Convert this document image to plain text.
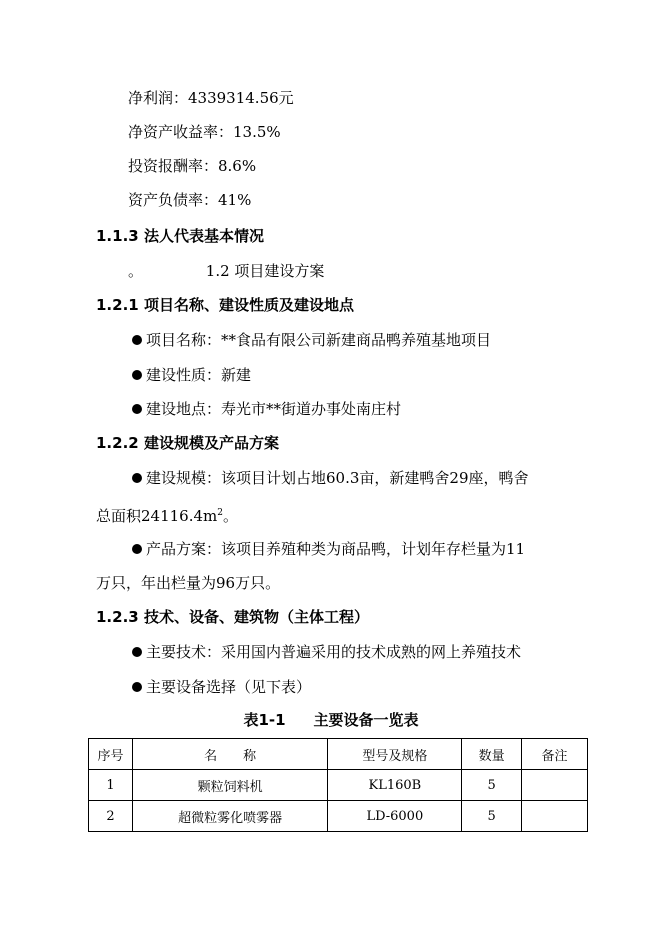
净利润：4339314.56元
净资产收益率：13.5%
投资报酬率：8.6%
资产负债率：41%
1.1.3 法人代表基本情况
。	1.2 项目建设方案
1.2.1 项目名称、建设性质及建设地点
项目名称：**食品有限公司新建商品鸭养殖基地项目
建设性质：新建
建设地点：寿光市**街道办事处南庄村
1.2.2 建设规模及产品方案
建设规模：该项目计划占地60.3亩，新建鸭舍29座，鸭舍
总面积$24116.4m^2$。
产品方案：该项目养殖种类为商品鸭，计划年存栏量为11
万只，年出栏量为96万只。
1.2.3 技术、设备、建筑物（主体工程）
主要技术：采用国内普遍采用的技术成熟的网上养殖技术
主要设备选择（见下表）
表1-1 主要设备一览表
序号	名　　称	型号及规格	数量	备注
1	颗粒饲料机	KL160B	5	
2	超微粒雾化喷雾器	LD-6000	5	
